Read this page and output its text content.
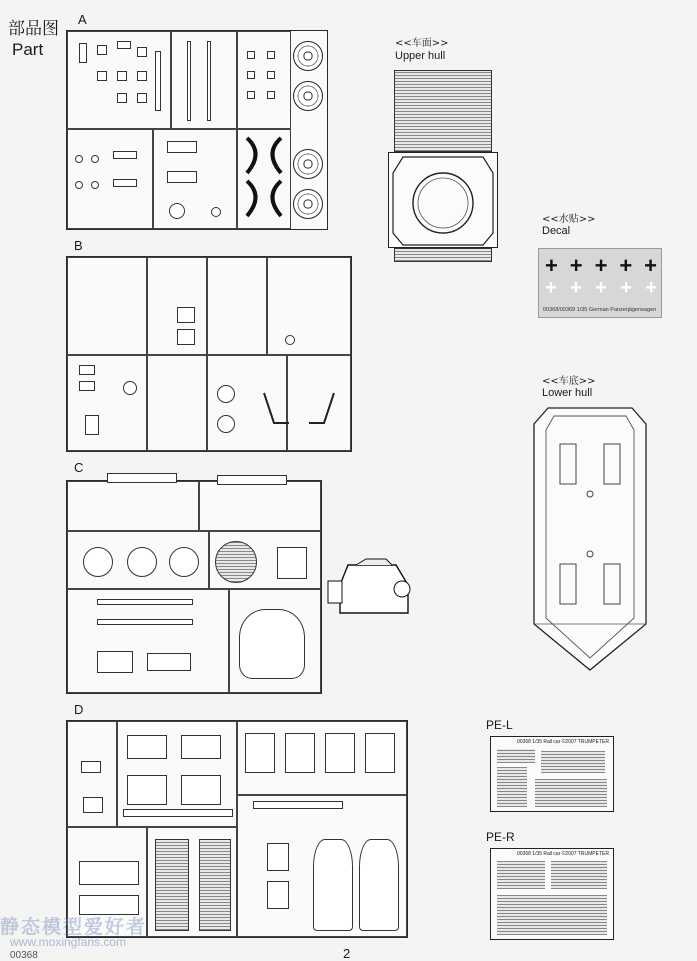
部品图
Part
A
B
C
D
<<车面>>
Upper hull
<<水贴>>
Decal
+ + + + +
+ + + + +
00368/00369 1/35 German Panzerjägerwagen
<<车底>>
Lower hull
PE-L
00368 1/35 Rail car ©2007 TRUMPETER
PE-R
00368 1/35 Rail car ©2007 TRUMPETER
静态模型爱好者
www.moxingfans.com
00368	2
